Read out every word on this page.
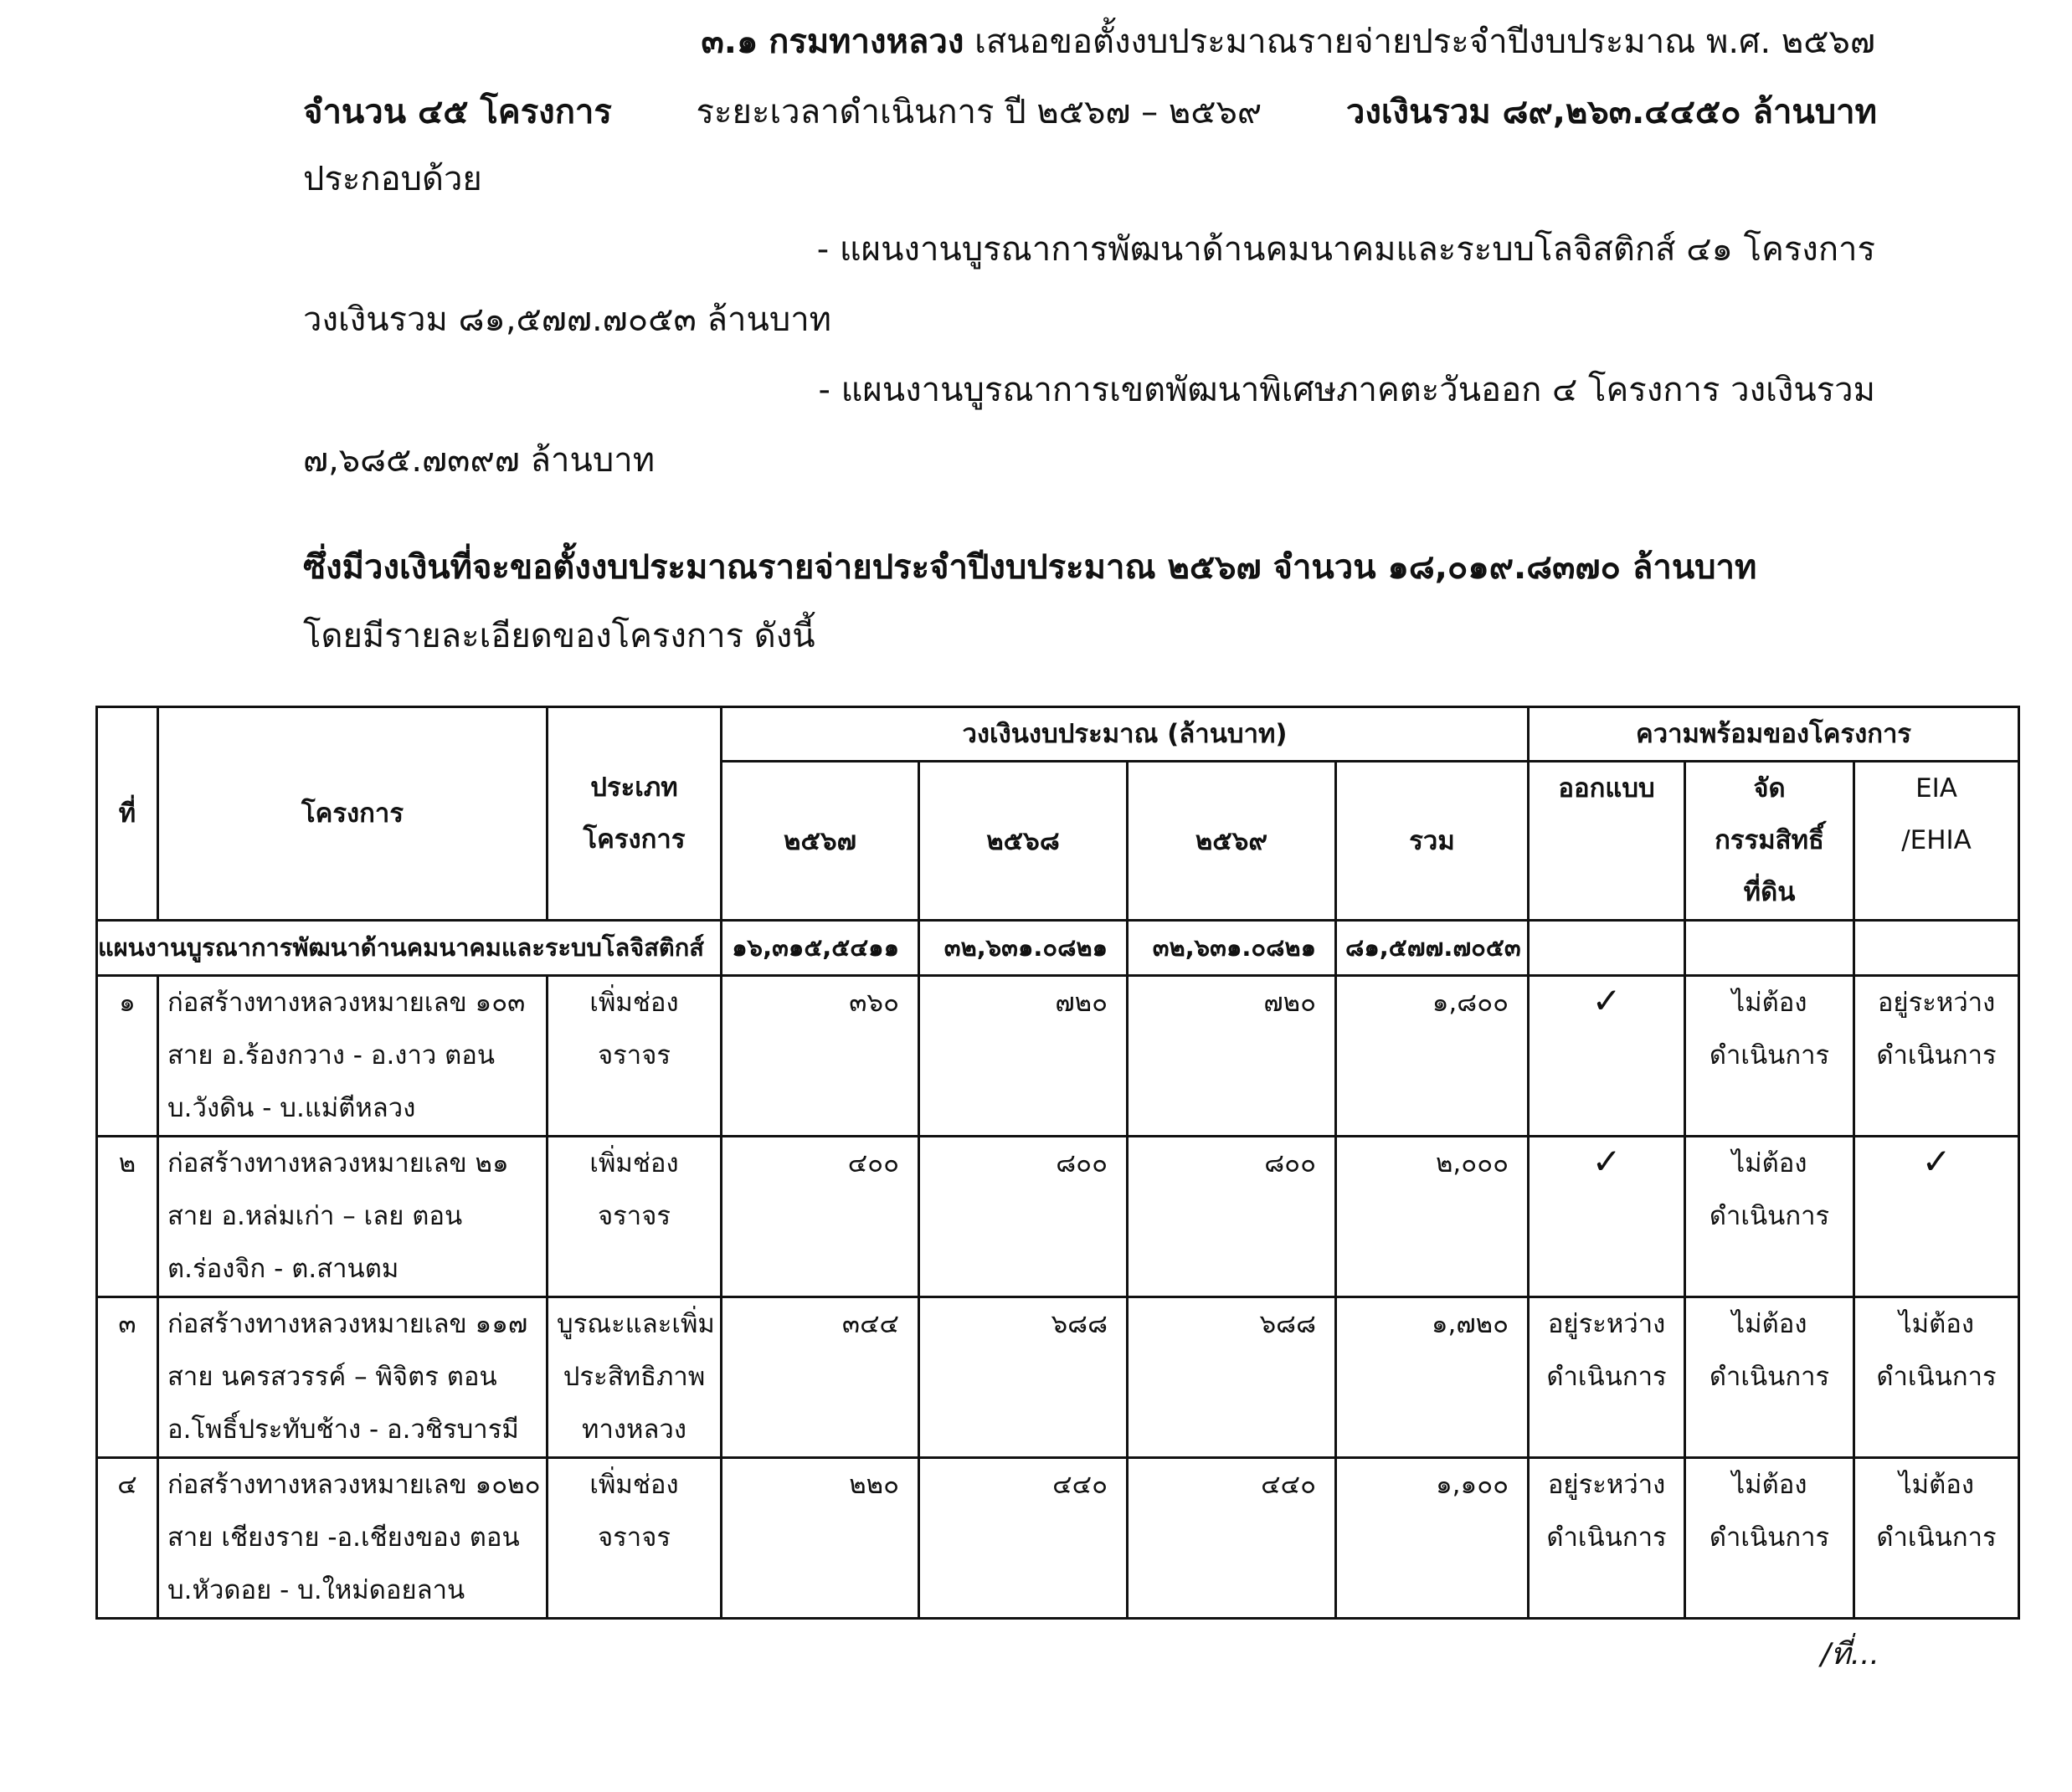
๓.๑ กรมทางหลวง เสนอขอตั้งงบประมาณรายจ่ายประจำปีงบประมาณ พ.ศ. ๒๕๖๗
จำนวน ๔๕ โครงการ	ระยะเวลาดำเนินการ ปี ๒๕๖๗ – ๒๕๖๙	วงเงินรวม ๘๙,๒๖๓.๔๔๕๐ ล้านบาท
ประกอบด้วย
- แผนงานบูรณาการพัฒนาด้านคมนาคมและระบบโลจิสติกส์ ๔๑ โครงการ
วงเงินรวม ๘๑,๕๗๗.๗๐๕๓ ล้านบาท
- แผนงานบูรณาการเขตพัฒนาพิเศษภาคตะวันออก ๔ โครงการ วงเงินรวม
๗,๖๘๕.๗๓๙๗ ล้านบาท
ซึ่งมีวงเงินที่จะขอตั้งงบประมาณรายจ่ายประจำปีงบประมาณ ๒๕๖๗ จำนวน ๑๘,๐๑๙.๘๓๗๐ ล้านบาท
โดยมีรายละเอียดของโครงการ ดังนี้
ที่	โครงการ	ประเภท
โครงการ	วงเงินงบประมาณ (ล้านบาท)				ความพร้อมของโครงการ		
			๒๕๖๗	๒๕๖๘	๒๕๖๙	รวม	ออกแบบ	จัด
กรรมสิทธิ์
ที่ดิน	EIA
/EHIA

แผนงานบูรณาการพัฒนาด้านคมนาคมและระบบโลจิสติกส์			๑๖,๓๑๕,๕๔๑๑	๓๒,๖๓๑.๐๘๒๑	๓๒,๖๓๑.๐๘๒๑	๘๑,๕๗๗.๗๐๕๓			
๑	ก่อสร้างทางหลวงหมายเลข ๑๐๓
สาย อ.ร้องกวาง - อ.งาว ตอน
บ.วังดิน - บ.แม่ตีหลวง	เพิ่มช่อง
จราจร	๓๖๐	๗๒๐	๗๒๐	๑,๘๐๐	✓	ไม่ต้อง
ดำเนินการ	อยู่ระหว่าง
ดำเนินการ

๒	ก่อสร้างทางหลวงหมายเลข ๒๑
สาย อ.หล่มเก่า – เลย ตอน
ต.ร่องจิก - ต.สานตม	เพิ่มช่อง
จราจร	๔๐๐	๘๐๐	๘๐๐	๒,๐๐๐	✓	ไม่ต้อง
ดำเนินการ	✓

๓	ก่อสร้างทางหลวงหมายเลข ๑๑๗
สาย นครสวรรค์ – พิจิตร ตอน
อ.โพธิ์ประทับช้าง - อ.วชิรบารมี	บูรณะและเพิ่ม
ประสิทธิภาพ
ทางหลวง	๓๔๔	๖๘๘	๖๘๘	๑,๗๒๐	อยู่ระหว่าง
ดำเนินการ	ไม่ต้อง
ดำเนินการ	ไม่ต้อง
ดำเนินการ

๔	ก่อสร้างทางหลวงหมายเลข ๑๐๒๐
สาย เชียงราย -อ.เชียงของ ตอน
บ.หัวดอย - บ.ใหม่ดอยลาน	เพิ่มช่อง
จราจร	๒๒๐	๔๔๐	๔๔๐	๑,๑๐๐	อยู่ระหว่าง
ดำเนินการ	ไม่ต้อง
ดำเนินการ	ไม่ต้อง
ดำเนินการ
/ที่...
